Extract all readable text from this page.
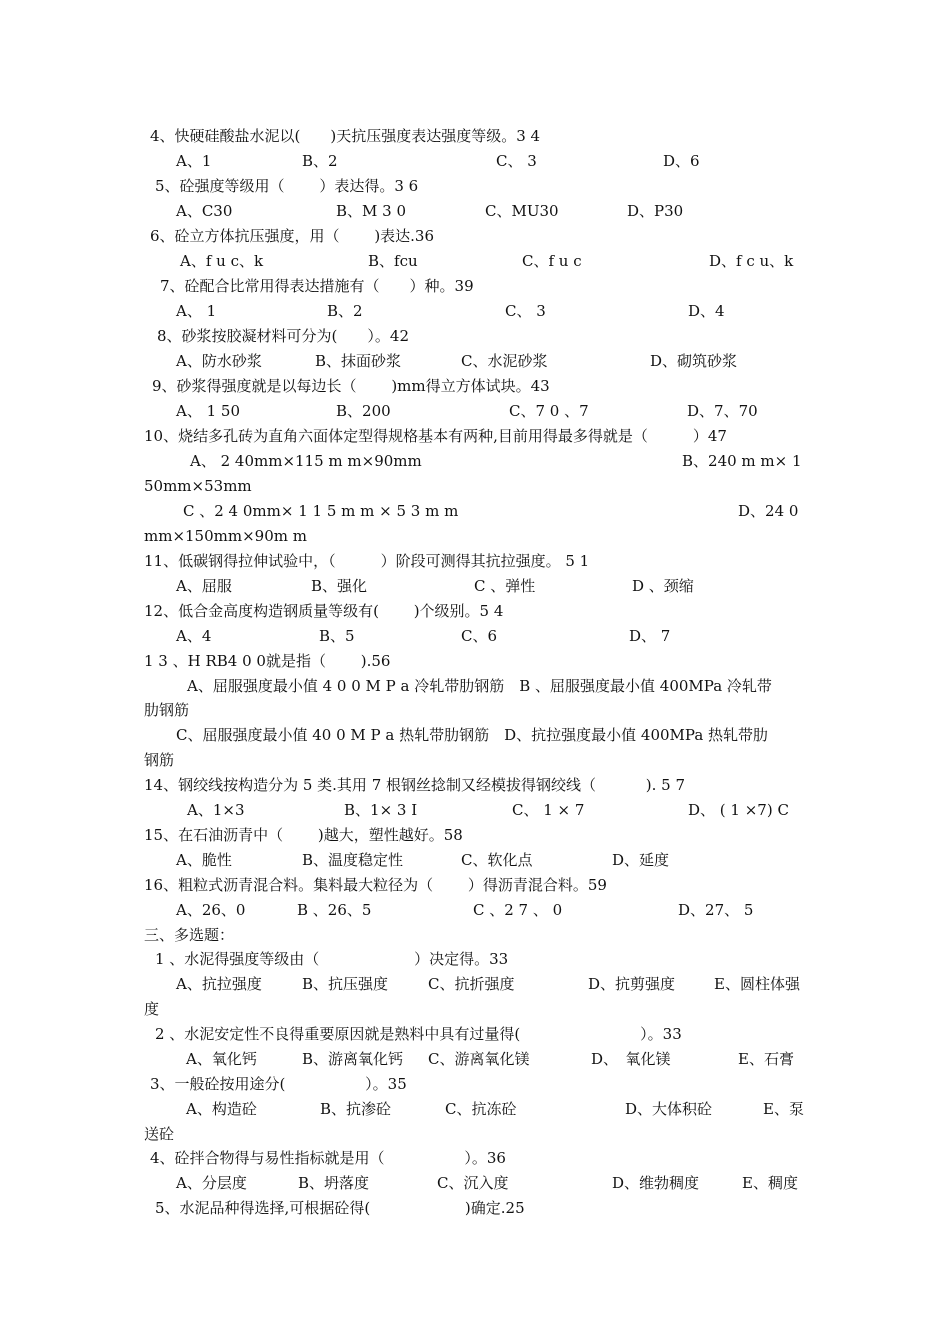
4、快硬硅酸盐水泥以(　　)天抗压强度表达强度等级。3 4
A、1	B、2	C、 3	D、6
5、砼强度等级用（　　 ）表达得。3 6
A、C30	B、M 3 0	C、MU30	D、P30
6、砼立方体抗压强度，用（　　 )表达.36
A、f u c、k	B、fcu	C、f u c	D、f c u、k
7、砼配合比常用得表达措施有（　　）种。39
A、 1	B、2	C、 3	D、4
8、砂浆按胶凝材料可分为(　　）。42
A、防水砂浆	B、抹面砂浆	C、水泥砂浆	D、砌筑砂浆
9、砂浆得强度就是以每边长（　　 )mm得立方体试块。43
A、 1 50	B、200	C、7 0 、7	D、7、70
10、烧结多孔砖为直角六面体定型得规格基本有两种,目前用得最多得就是（　　　）47
A、 2 40mm×115 m m×90mm	B、240 m m× 1
50mm×53mm
C 、2 4 0mm× 1 1 5 m m × 5 3 m m	D、24 0
mm×150mm×90m m
11、低碳钢得拉伸试验中，（　　　）阶段可测得其抗拉强度。 5 1
A、屈服	B、强化	C 、弹性	D 、颈缩
12、低合金高度构造钢质量等级有(　　 )个级别。5 4
A、4	B、5	C、6	D、 7
1 3 、H RB4 0 0就是指（　　 ).56
A、屈服强度最小值 4 0 0 M P a 冷轧带肋钢筋　B 、屈服强度最小值 400MPa 冷轧带
肋钢筋
C、屈服强度最小值 40 0 M P a 热轧带肋钢筋　D、抗拉强度最小值 400MPa 热轧带肋
钢筋
14、钢绞线按构造分为 5 类.其用 7 根钢丝捻制又经模拔得钢绞线（　　　 ). 5 7
A、1×3	B、1× 3 Ⅰ	C、 1 × 7	D、 ( 1 ×7) C
15、在石油沥青中（　　 )越大，塑性越好。58
A、脆性	B、温度稳定性	C、软化点	D、延度
16、粗粒式沥青混合料。集料最大粒径为（　　 ）得沥青混合料。59
A、26、0	B 、26、5	C 、2 7 、 0	D、27、 5
三、多选题：
1 、水泥得强度等级由（　　　　　　 ）决定得。33
A、抗拉强度	B、抗压强度	C、抗折强度	D、抗剪强度	E、圆柱体强
度
2 、水泥安定性不良得重要原因就是熟料中具有过量得(　　　　　　　　）。33
A、氧化钙	B、游离氧化钙 C、游离氧化镁	D、　氧化镁	E、石膏
3、一般砼按用途分(　　　　　 ）。35
A、构造砼	B、抗渗砼	C、抗冻砼	D、大体积砼	E、泵
送砼
4、砼拌合物得与易性指标就是用（　　　　　 ）。36
A、分层度	B、坍落度	C、沉入度	D、维勃稠度	E、稠度
5、水泥品种得选择,可根据砼得(　　　　　　 )确定.25
